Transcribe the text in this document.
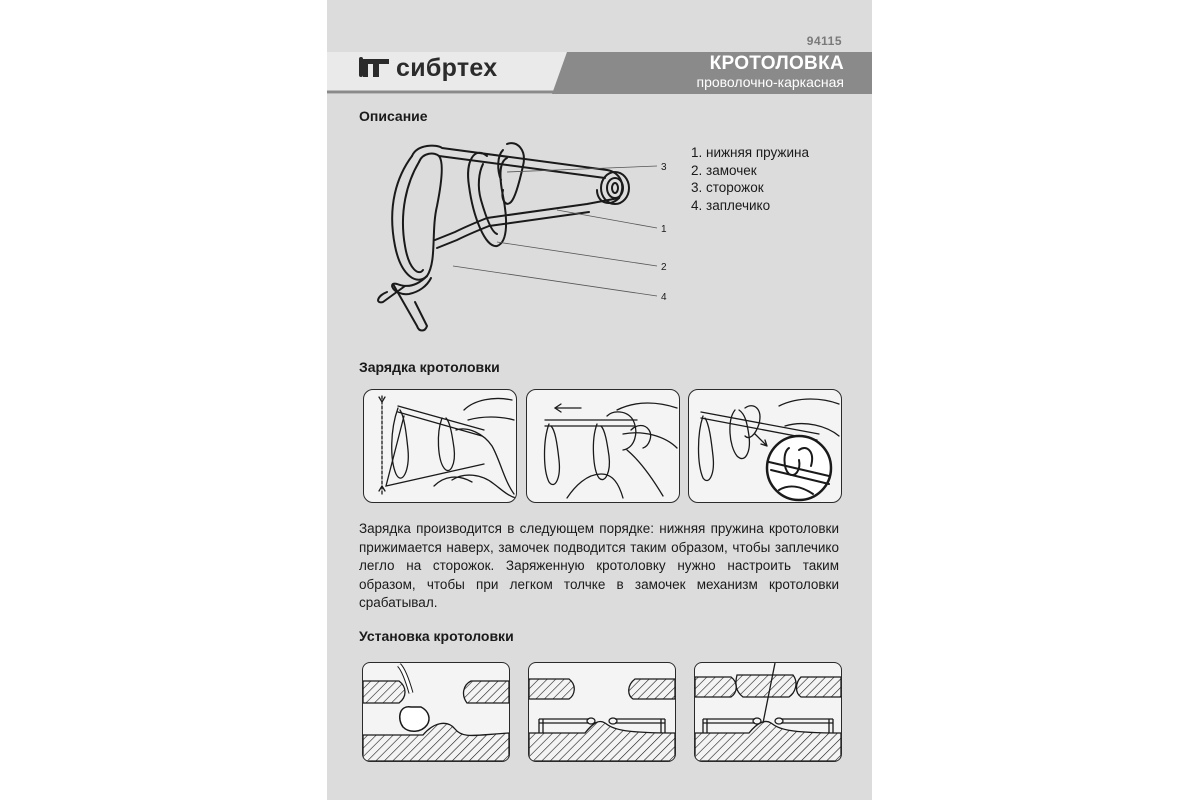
94115
сибртех	КРОТОЛОВКА
проволочно-каркасная
Описание
3
1
2
4
1. нижняя пружина
2. замочек
3. сторожок
4. заплечико
Зарядка кротоловки

Зарядка производится в следующем порядке: нижняя пружина кротоловки прижимается наверх, замочек подводится таким образом, чтобы заплечико легло на сторожок. Заряженную кротоловку нужно настроить таким образом, чтобы при легком толчке в замочек механизм кротоловки срабатывал.

Установка кротоловки
